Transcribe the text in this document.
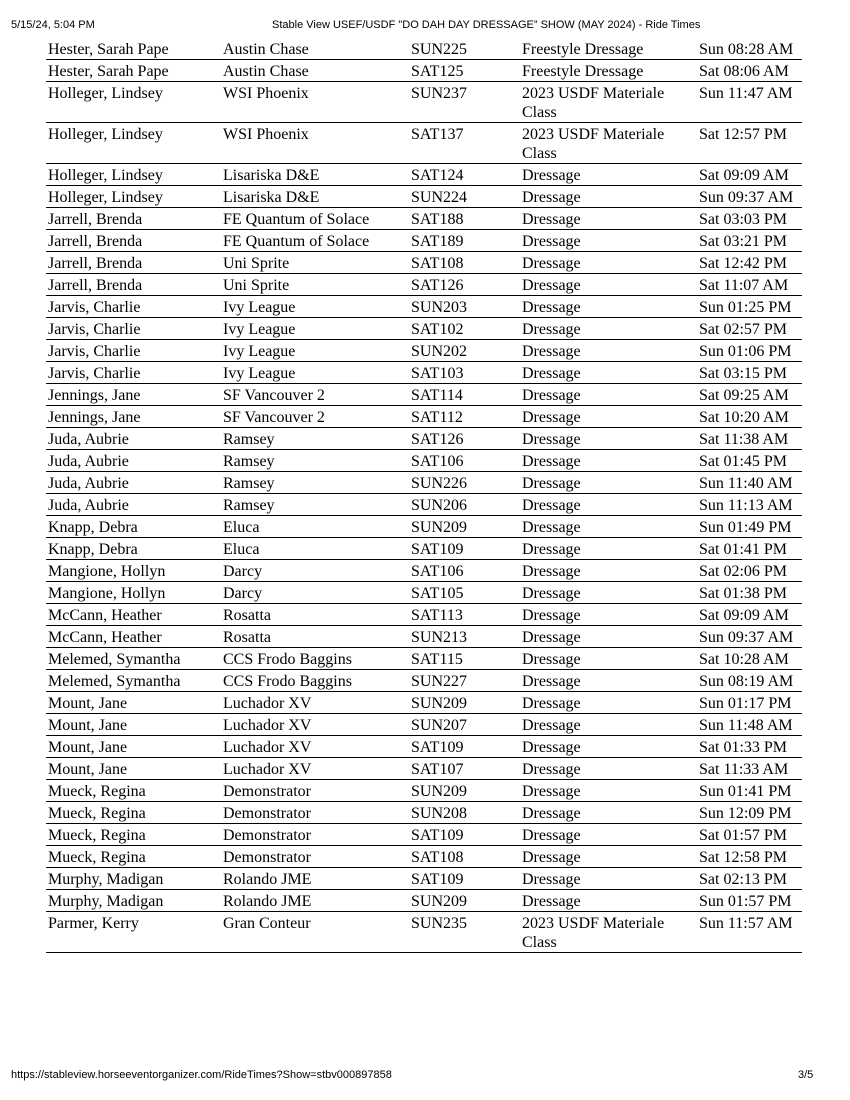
5/15/24, 5:04 PM	Stable View USEF/USDF "DO DAH DAY DRESSAGE” SHOW (MAY 2024) - Ride Times
Hester, Sarah Pape	Austin Chase	SUN225	Freestyle Dressage	Sun 08:28 AM
Hester, Sarah Pape	Austin Chase	SAT125	Freestyle Dressage	Sat 08:06 AM
Holleger, Lindsey	WSI Phoenix	SUN237	2023 USDF Materiale Class	Sun 11:47 AM
Holleger, Lindsey	WSI Phoenix	SAT137	2023 USDF Materiale Class	Sat 12:57 PM
Holleger, Lindsey	Lisariska D&E	SAT124	Dressage	Sat 09:09 AM
Holleger, Lindsey	Lisariska D&E	SUN224	Dressage	Sun 09:37 AM
Jarrell, Brenda	FE Quantum of Solace	SAT188	Dressage	Sat 03:03 PM
Jarrell, Brenda	FE Quantum of Solace	SAT189	Dressage	Sat 03:21 PM
Jarrell, Brenda	Uni Sprite	SAT108	Dressage	Sat 12:42 PM
Jarrell, Brenda	Uni Sprite	SAT126	Dressage	Sat 11:07 AM
Jarvis, Charlie	Ivy League	SUN203	Dressage	Sun 01:25 PM
Jarvis, Charlie	Ivy League	SAT102	Dressage	Sat 02:57 PM
Jarvis, Charlie	Ivy League	SUN202	Dressage	Sun 01:06 PM
Jarvis, Charlie	Ivy League	SAT103	Dressage	Sat 03:15 PM
Jennings, Jane	SF Vancouver 2	SAT114	Dressage	Sat 09:25 AM
Jennings, Jane	SF Vancouver 2	SAT112	Dressage	Sat 10:20 AM
Juda, Aubrie	Ramsey	SAT126	Dressage	Sat 11:38 AM
Juda, Aubrie	Ramsey	SAT106	Dressage	Sat 01:45 PM
Juda, Aubrie	Ramsey	SUN226	Dressage	Sun 11:40 AM
Juda, Aubrie	Ramsey	SUN206	Dressage	Sun 11:13 AM
Knapp, Debra	Eluca	SUN209	Dressage	Sun 01:49 PM
Knapp, Debra	Eluca	SAT109	Dressage	Sat 01:41 PM
Mangione, Hollyn	Darcy	SAT106	Dressage	Sat 02:06 PM
Mangione, Hollyn	Darcy	SAT105	Dressage	Sat 01:38 PM
McCann, Heather	Rosatta	SAT113	Dressage	Sat 09:09 AM
McCann, Heather	Rosatta	SUN213	Dressage	Sun 09:37 AM
Melemed, Symantha	CCS Frodo Baggins	SAT115	Dressage	Sat 10:28 AM
Melemed, Symantha	CCS Frodo Baggins	SUN227	Dressage	Sun 08:19 AM
Mount, Jane	Luchador XV	SUN209	Dressage	Sun 01:17 PM
Mount, Jane	Luchador XV	SUN207	Dressage	Sun 11:48 AM
Mount, Jane	Luchador XV	SAT109	Dressage	Sat 01:33 PM
Mount, Jane	Luchador XV	SAT107	Dressage	Sat 11:33 AM
Mueck, Regina	Demonstrator	SUN209	Dressage	Sun 01:41 PM
Mueck, Regina	Demonstrator	SUN208	Dressage	Sun 12:09 PM
Mueck, Regina	Demonstrator	SAT109	Dressage	Sat 01:57 PM
Mueck, Regina	Demonstrator	SAT108	Dressage	Sat 12:58 PM
Murphy, Madigan	Rolando JME	SAT109	Dressage	Sat 02:13 PM
Murphy, Madigan	Rolando JME	SUN209	Dressage	Sun 01:57 PM
Parmer, Kerry	Gran Conteur	SUN235	2023 USDF Materiale Class	Sun 11:57 AM
https://stableview.horseeventorganizer.com/RideTimes?Show=stbv000897858	3/5
